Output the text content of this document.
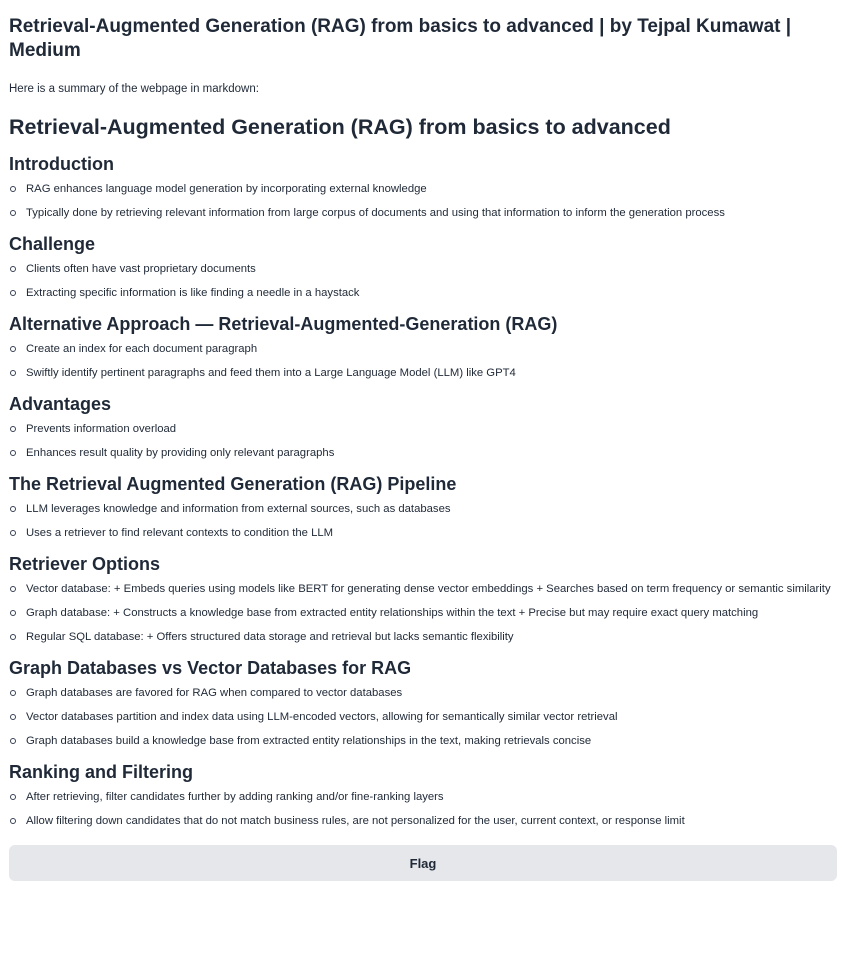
Retrieval-Augmented Generation (RAG) from basics to advanced | by Tejpal Kumawat | Medium

Here is a summary of the webpage in markdown:

Retrieval-Augmented Generation (RAG) from basics to advanced
Introduction
RAG enhances language model generation by incorporating external knowledge
Typically done by retrieving relevant information from large corpus of documents and using that information to inform the generation process
Challenge
Clients often have vast proprietary documents
Extracting specific information is like finding a needle in a haystack
Alternative Approach — Retrieval-Augmented-Generation (RAG)
Create an index for each document paragraph
Swiftly identify pertinent paragraphs and feed them into a Large Language Model (LLM) like GPT4
Advantages
Prevents information overload
Enhances result quality by providing only relevant paragraphs
The Retrieval Augmented Generation (RAG) Pipeline
LLM leverages knowledge and information from external sources, such as databases
Uses a retriever to find relevant contexts to condition the LLM
Retriever Options
Vector database: + Embeds queries using models like BERT for generating dense vector embeddings + Searches based on term frequency or semantic similarity
Graph database: + Constructs a knowledge base from extracted entity relationships within the text + Precise but may require exact query matching
Regular SQL database: + Offers structured data storage and retrieval but lacks semantic flexibility
Graph Databases vs Vector Databases for RAG
Graph databases are favored for RAG when compared to vector databases
Vector databases partition and index data using LLM-encoded vectors, allowing for semantically similar vector retrieval
Graph databases build a knowledge base from extracted entity relationships in the text, making retrievals concise
Ranking and Filtering
After retrieving, filter candidates further by adding ranking and/or fine-ranking layers
Allow filtering down candidates that do not match business rules, are not personalized for the user, current context, or response limit
Flag
